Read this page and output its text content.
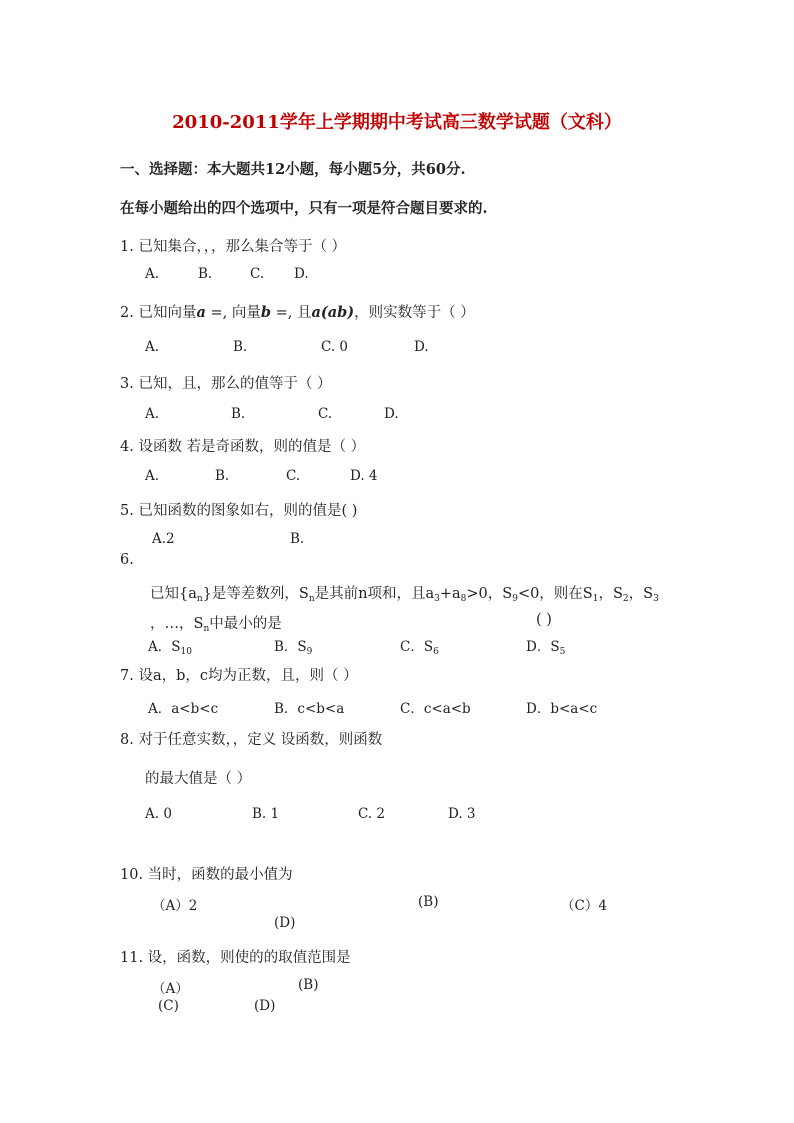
2010-2011学年上学期期中考试高三数学试题（文科）
一、选择题：本大题共12小题，每小题5分，共60分.
在每小题给出的四个选项中，只有一项是符合题目要求的.
1. 已知集合，，，那么集合等于（ ）
A.	B.	C. D.
2. 已知向量a =, 向量b =, 且a(ab)，则实数等于（ ）
A.	B.	C. 0	D.
3. 已知，且，那么的值等于（ ）
A.	B.	C.	D.
4. 设函数 若是奇函数，则的值是（ ）
A.	B.	C.	D. 4
5. 已知函数的图象如右，则的值是( )
A.2	B.
6.
已知$\{a_n\}$是等差数列，$S_n$是其前n项和，且$a_3+a_8>0$，$S_9<0$，则在$S_1$，$S_2$，$S_3$
，…，$S_n$中最小的是	( )
A．$S_{10}$	B．$S_9$	C．$S_6$	D．$S_5$
7. 设a，b，c均为正数，且，则（ ）
A．a<b<c	B．c<b<a	C．c<a<b	D．b<a<c
8. 对于任意实数，，定义 设函数，则函数
的最大值是（ ）
A. 0	B. 1	C. 2	D. 3
10. 当时，函数的最小值为
（A）2	(B)	（C）4
(D)
11. 设，函数，则使的的取值范围是
（A）	(B)
(C)	(D)
